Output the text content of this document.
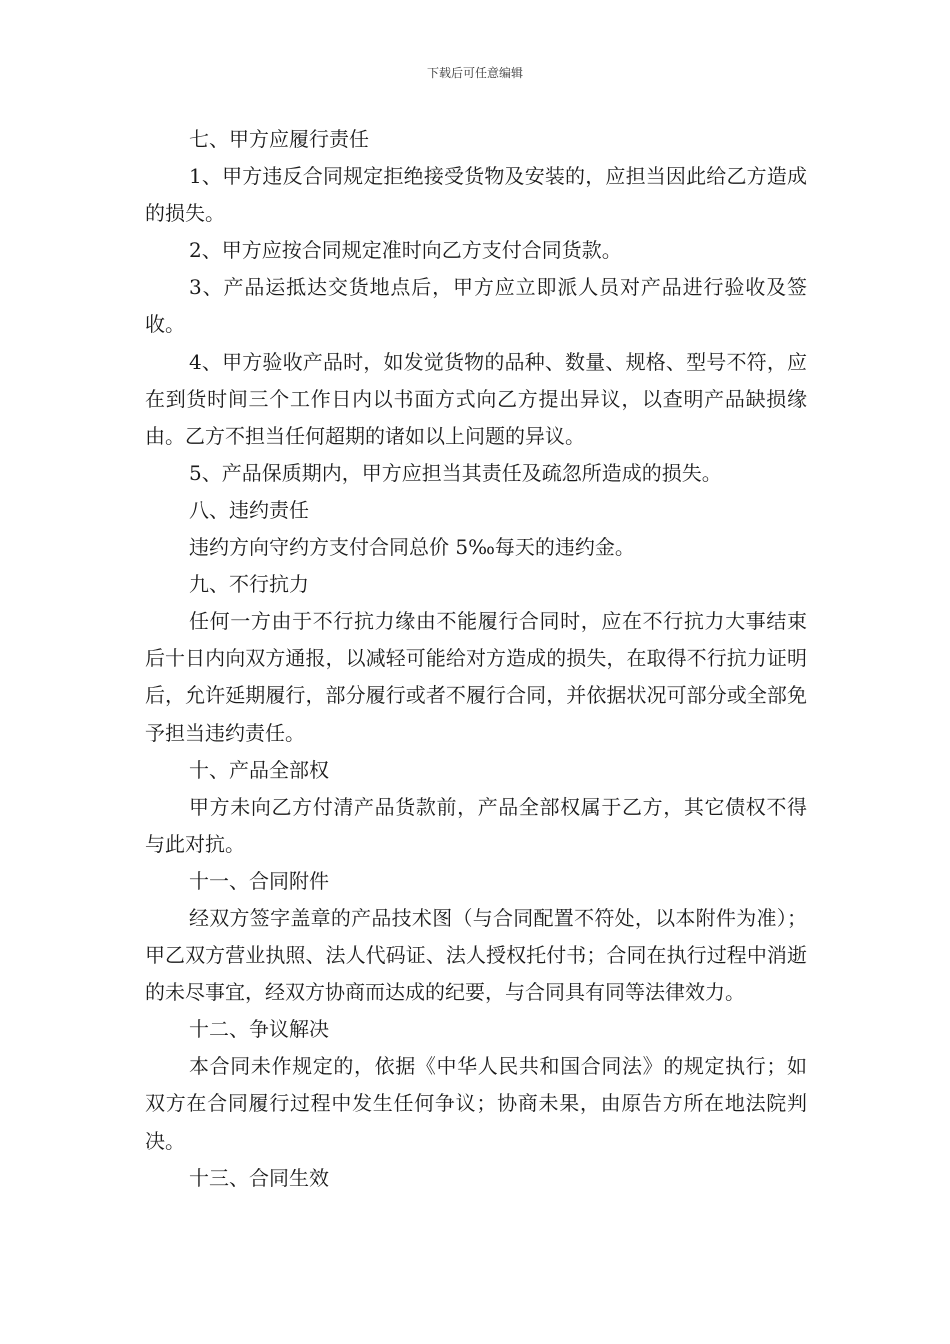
下载后可任意编辑

七、甲方应履行责任

1、甲方违反合同规定拒绝接受货物及安装的，应担当因此给乙方造成的损失。

2、甲方应按合同规定准时向乙方支付合同货款。

3、产品运抵达交货地点后，甲方应立即派人员对产品进行验收及签收。

4、甲方验收产品时，如发觉货物的品种、数量、规格、型号不符，应在到货时间三个工作日内以书面方式向乙方提出异议，以查明产品缺损缘由。乙方不担当任何超期的诸如以上问题的异议。

5、产品保质期内，甲方应担当其责任及疏忽所造成的损失。

八、违约责任

违约方向守约方支付合同总价 5‰每天的违约金。

九、不行抗力

任何一方由于不行抗力缘由不能履行合同时，应在不行抗力大事结束后十日内向双方通报，以减轻可能给对方造成的损失，在取得不行抗力证明后，允许延期履行，部分履行或者不履行合同，并依据状况可部分或全部免予担当违约责任。

十、产品全部权

甲方未向乙方付清产品货款前，产品全部权属于乙方，其它债权不得与此对抗。

十一、合同附件

经双方签字盖章的产品技术图（与合同配置不符处，以本附件为准）；甲乙双方营业执照、法人代码证、法人授权托付书；合同在执行过程中消逝的未尽事宜，经双方协商而达成的纪要，与合同具有同等法律效力。

十二、争议解决

本合同未作规定的，依据《中华人民共和国合同法》的规定执行；如双方在合同履行过程中发生任何争议；协商未果，由原告方所在地法院判决。

十三、合同生效
